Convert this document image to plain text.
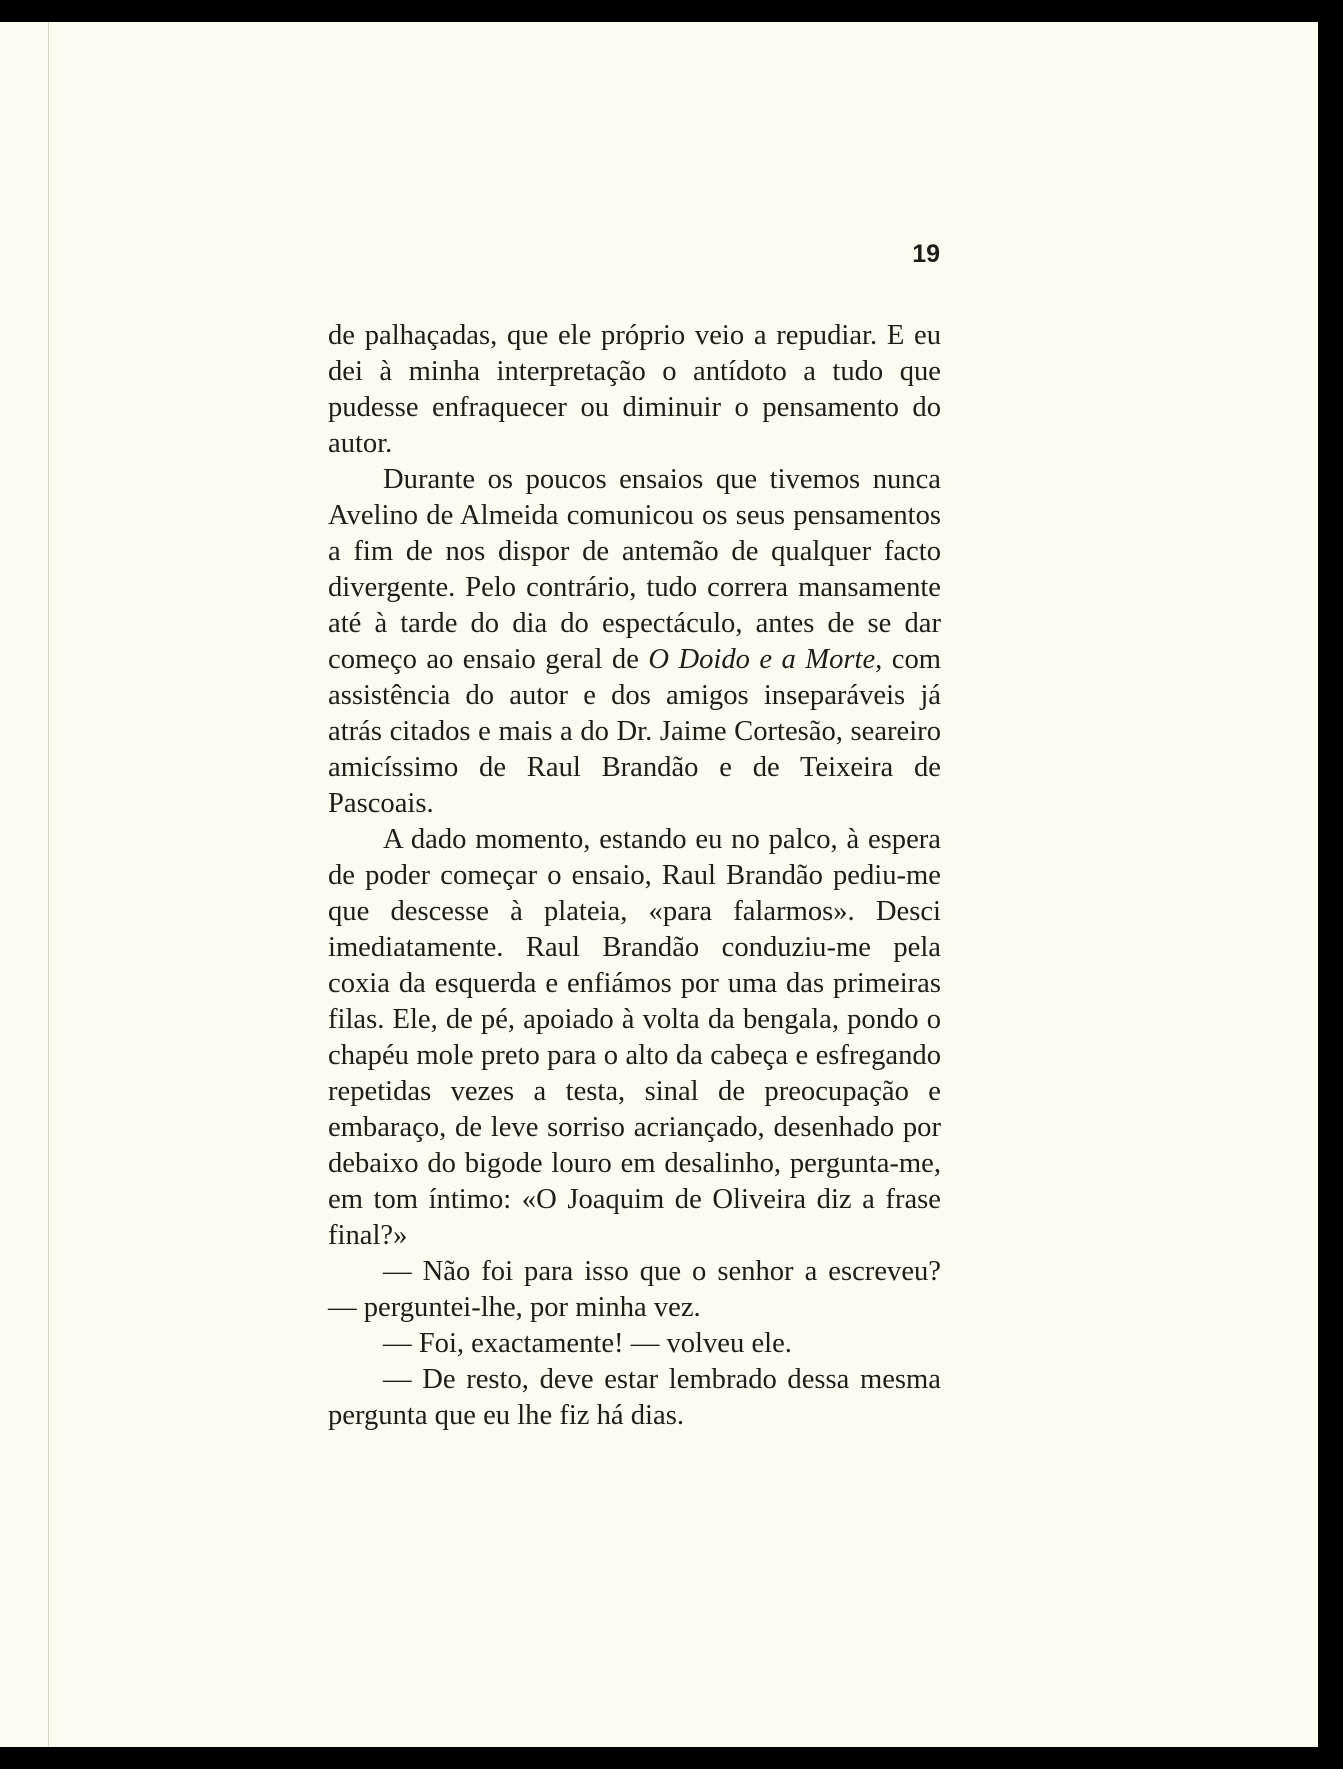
19

de palhaçadas, que ele próprio veio a repudiar. E eu dei à minha interpretação o antídoto a tudo que pudesse enfraquecer ou diminuir o pensamento do autor.

Durante os poucos ensaios que tivemos nunca Avelino de Almeida comunicou os seus pensamentos a fim de nos dispor de antemão de qualquer facto divergente. Pelo contrário, tudo correra mansamente até à tarde do dia do espectáculo, antes de se dar começo ao ensaio geral de O Doido e a Morte, com assistência do autor e dos amigos inseparáveis já atrás citados e mais a do Dr. Jaime Cortesão, seareiro amicíssimo de Raul Brandão e de Teixeira de Pascoais.

A dado momento, estando eu no palco, à espera de poder começar o ensaio, Raul Brandão pediu-me que descesse à plateia, «para falarmos». Desci imediatamente. Raul Brandão conduziu-me pela coxia da esquerda e enfiámos por uma das primeiras filas. Ele, de pé, apoiado à volta da bengala, pondo o chapéu mole preto para o alto da cabeça e esfregando repetidas vezes a testa, sinal de preocupação e embaraço, de leve sorriso acriançado, desenhado por debaixo do bigode louro em desalinho, pergunta-me, em tom íntimo: «O Joaquim de Oliveira diz a frase final?»

— Não foi para isso que o senhor a escreveu? — perguntei-lhe, por minha vez.

— Foi, exactamente! — volveu ele.

— De resto, deve estar lembrado dessa mesma pergunta que eu lhe fiz há dias.
